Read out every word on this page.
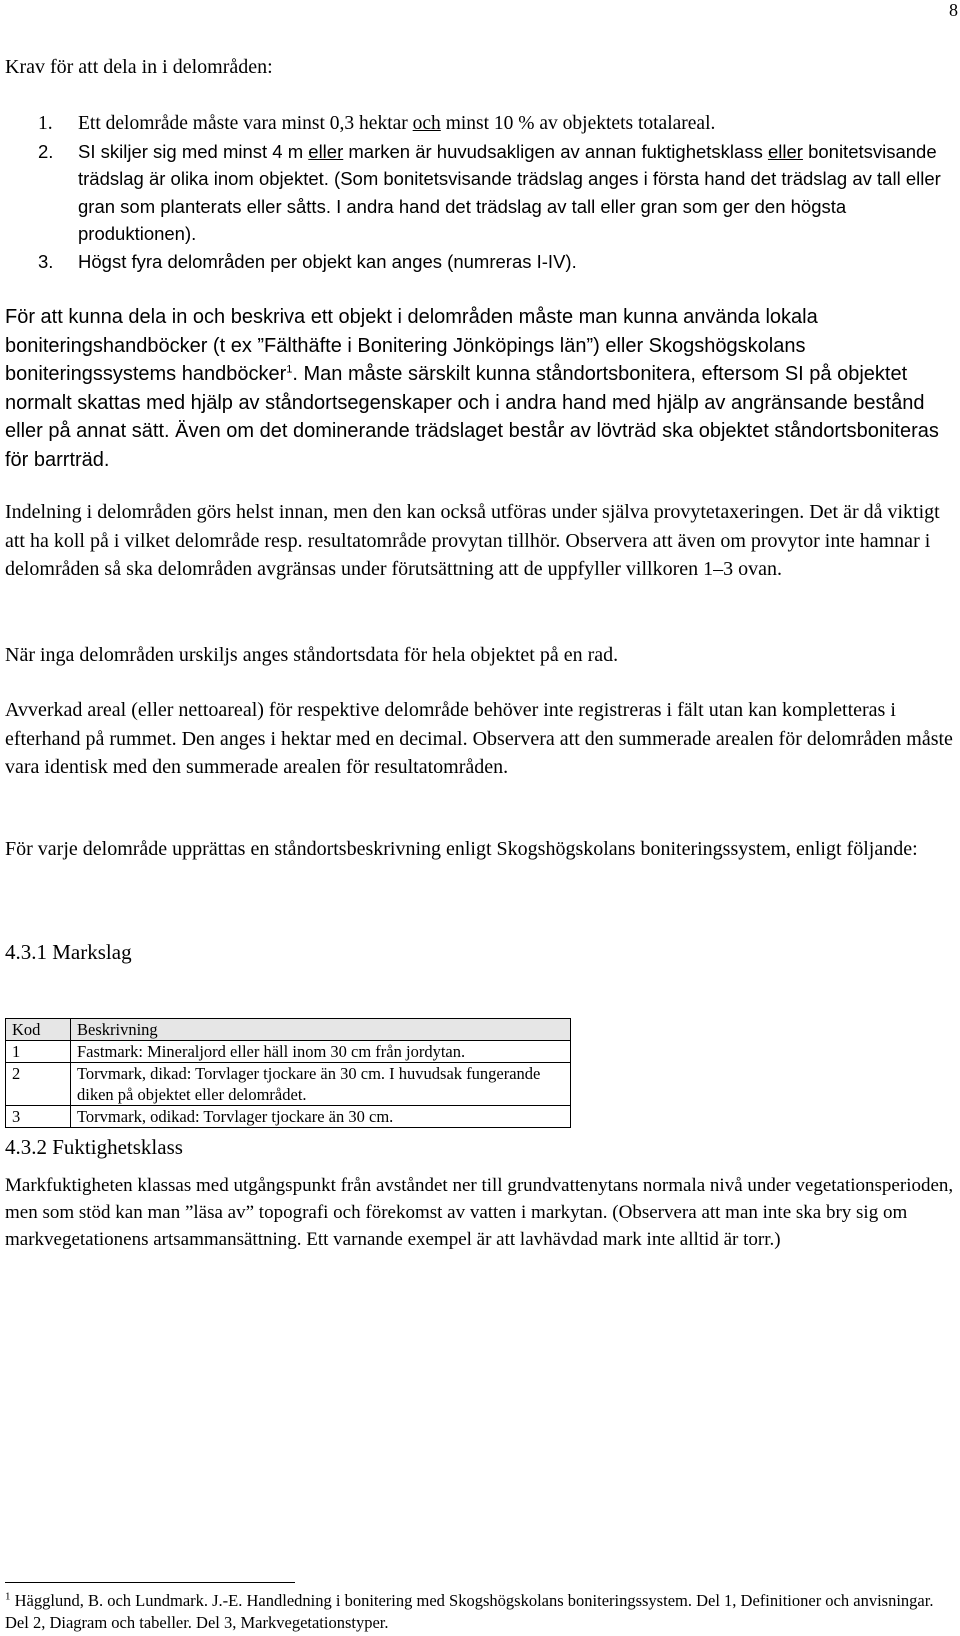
8
Krav för att dela in i delområden:
1. Ett delområde måste vara minst 0,3 hektar och minst 10 % av objektets totalareal.
2. SI skiljer sig med minst 4 m eller marken är huvudsakligen av annan fuktighetsklass eller bonitetsvisande trädslag är olika inom objektet. (Som bonitetsvisande trädslag anges i första hand det trädslag av tall eller gran som planterats eller såtts. I andra hand det trädslag av tall eller gran som ger den högsta produktionen).
3. Högst fyra delområden per objekt kan anges (numreras I-IV).

För att kunna dela in och beskriva ett objekt i delområden måste man kunna använda lokala boniteringshandböcker (t ex ”Fälthäfte i Bonitering Jönköpings län”) eller Skogshögskolans boniteringssystems handböcker$^1$. Man måste särskilt kunna ståndortsbonitera, eftersom SI på objektet normalt skattas med hjälp av ståndortsegenskaper och i andra hand med hjälp av angränsande bestånd eller på annat sätt. Även om det dominerande trädslaget består av lövträd ska objektet ståndortsboniteras för barrträd.

Indelning i delområden görs helst innan, men den kan också utföras under själva provytetaxeringen. Det är då viktigt att ha koll på i vilket delområde resp. resultatområde provytan tillhör. Observera att även om provytor inte hamnar i delområden så ska delområden avgränsas under förutsättning att de uppfyller villkoren 1–3 ovan.

När inga delområden urskiljs anges ståndortsdata för hela objektet på en rad.

Avverkad areal (eller nettoareal) för respektive delområde behöver inte registreras i fält utan kan kompletteras i efterhand på rummet. Den anges i hektar med en decimal. Observera att den summerade arealen för delområden måste vara identisk med den summerade arealen för resultatområden.

För varje delområde upprättas en ståndortsbeskrivning enligt Skogshögskolans boniteringssystem, enligt följande:

4.3.1 Markslag
Kod	Beskrivning
1	Fastmark: Mineraljord eller häll inom 30 cm från jordytan.
2	Torvmark, dikad: Torvlager tjockare än 30 cm. I huvudsak fungerande diken på objektet eller delområdet.
3	Torvmark, odikad: Torvlager tjockare än 30 cm.
4.3.2 Fuktighetsklass

Markfuktigheten klassas med utgångspunkt från avståndet ner till grundvattenytans normala nivå under vegetationsperioden, men som stöd kan man ”läsa av” topografi och förekomst av vatten i markytan. (Observera att man inte ska bry sig om markvegetationens artsammansättning. Ett varnande exempel är att lavhävdad mark inte alltid är torr.)

$^1$ Hägglund, B. och Lundmark. J.-E. Handledning i bonitering med Skogshögskolans boniteringssystem. Del 1, Definitioner och anvisningar. Del 2, Diagram och tabeller. Del 3, Markvegetationstyper.
